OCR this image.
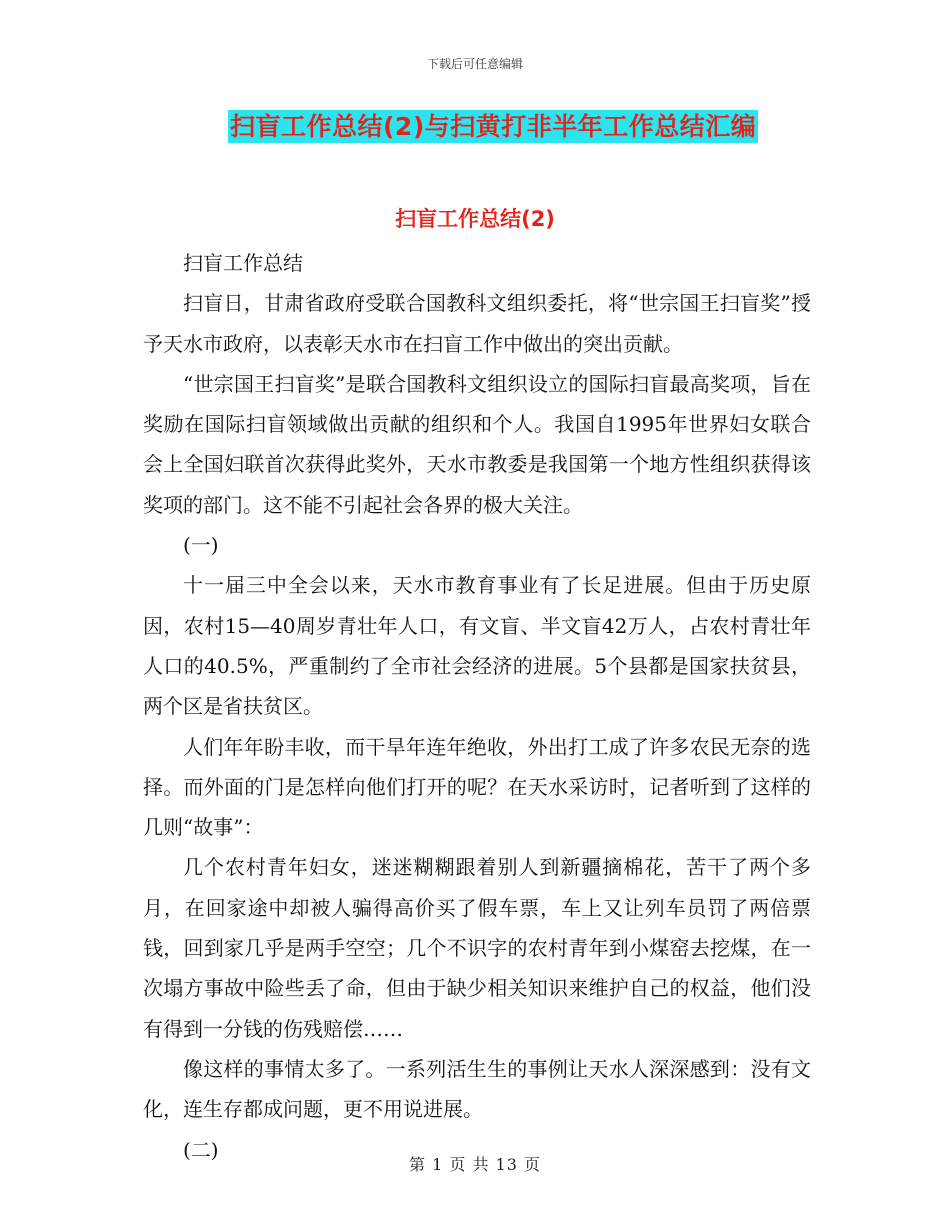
下载后可任意编辑
扫盲工作总结(2)与扫黄打非半年工作总结汇编
扫盲工作总结(2)

扫盲工作总结

扫盲日，甘肃省政府受联合国教科文组织委托，将“世宗国王扫盲奖”授予天水市政府，以表彰天水市在扫盲工作中做出的突出贡献。

“世宗国王扫盲奖”是联合国教科文组织设立的国际扫盲最高奖项，旨在奖励在国际扫盲领域做出贡献的组织和个人。我国自1995年世界妇女联合会上全国妇联首次获得此奖外，天水市教委是我国第一个地方性组织获得该奖项的部门。这不能不引起社会各界的极大关注。

(一)

十一届三中全会以来，天水市教育事业有了长足进展。但由于历史原因，农村15—40周岁青壮年人口，有文盲、半文盲42万人，占农村青壮年人口的40.5%，严重制约了全市社会经济的进展。5个县都是国家扶贫县，两个区是省扶贫区。

人们年年盼丰收，而干旱年连年绝收，外出打工成了许多农民无奈的选择。而外面的门是怎样向他们打开的呢？在天水采访时，记者听到了这样的几则“故事”：

几个农村青年妇女，迷迷糊糊跟着别人到新疆摘棉花，苦干了两个多月，在回家途中却被人骗得高价买了假车票，车上又让列车员罚了两倍票钱，回到家几乎是两手空空；几个不识字的农村青年到小煤窑去挖煤，在一次塌方事故中险些丢了命，但由于缺少相关知识来维护自己的权益，他们没有得到一分钱的伤残赔偿……

像这样的事情太多了。一系列活生生的事例让天水人深深感到：没有文化，连生存都成问题，更不用说进展。

(二)

第 1 页 共 13 页
